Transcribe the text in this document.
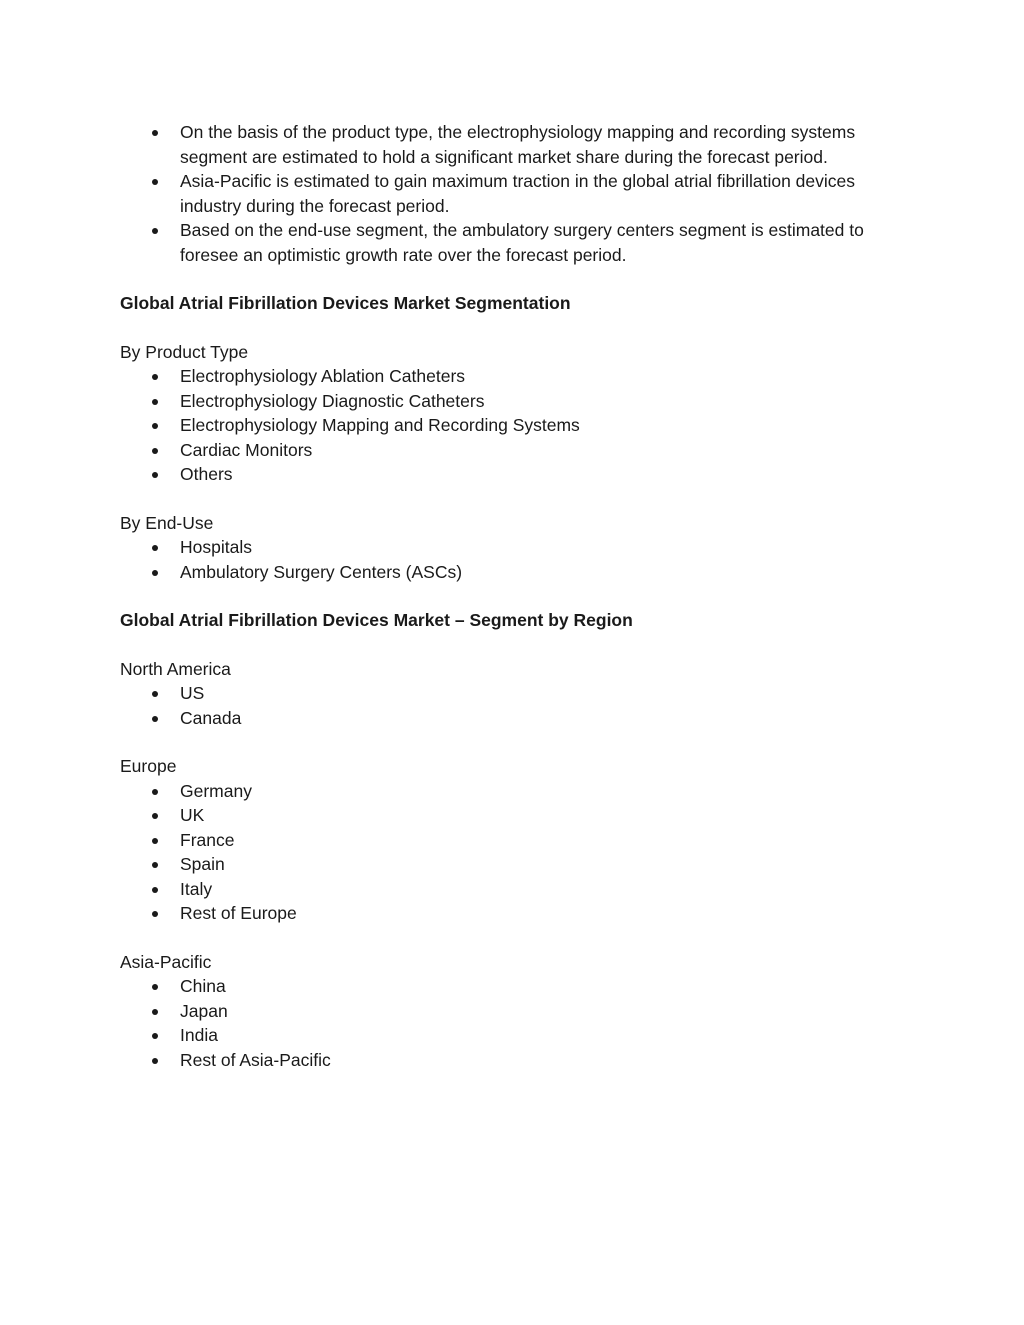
On the basis of the product type, the electrophysiology mapping and recording systems segment are estimated to hold a significant market share during the forecast period.
Asia-Pacific is estimated to gain maximum traction in the global atrial fibrillation devices industry during the forecast period.
Based on the end-use segment, the ambulatory surgery centers segment is estimated to foresee an optimistic growth rate over the forecast period.
Global Atrial Fibrillation Devices Market Segmentation
By Product Type
Electrophysiology Ablation Catheters
Electrophysiology Diagnostic Catheters
Electrophysiology Mapping and Recording Systems
Cardiac Monitors
Others
By End-Use
Hospitals
Ambulatory Surgery Centers (ASCs)
Global Atrial Fibrillation Devices Market – Segment by Region
North America
US
Canada
Europe
Germany
UK
France
Spain
Italy
Rest of Europe
Asia-Pacific
China
Japan
India
Rest of Asia-Pacific
